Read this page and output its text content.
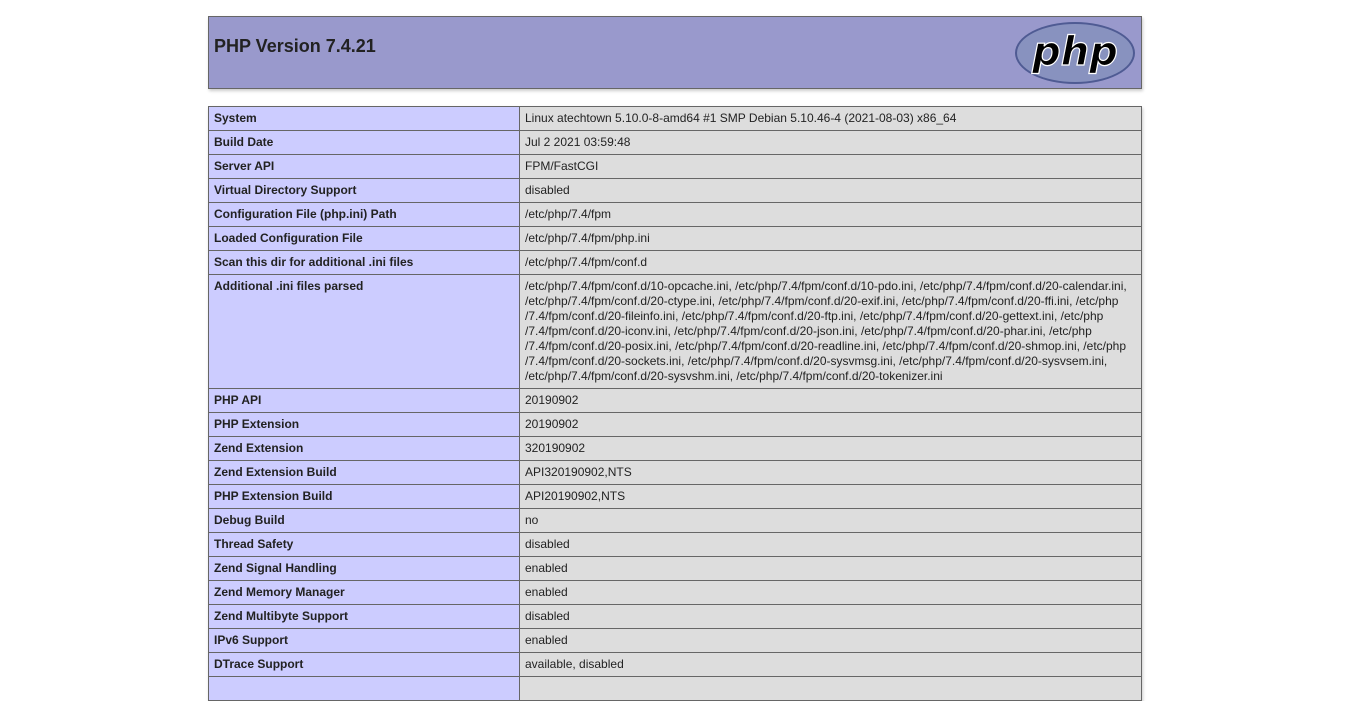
PHP Version 7.4.21	php
System	Linux atechtown 5.10.0-8-amd64 #1 SMP Debian 5.10.46-4 (2021-08-03) x86_64
Build Date	Jul 2 2021 03:59:48
Server API	FPM/FastCGI
Virtual Directory Support	disabled
Configuration File (php.ini) Path	/etc/php/7.4/fpm
Loaded Configuration File	/etc/php/7.4/fpm/php.ini
Scan this dir for additional .ini files	/etc/php/7.4/fpm/conf.d
Additional .ini files parsed	/etc/php/7.4/fpm/conf.d/10-opcache.ini, /etc/php/7.4/fpm/conf.d/10-pdo.ini, /etc/php/7.4/fpm/conf.d/20-calendar.ini, /etc/php/7.4/fpm/conf.d/20-ctype.ini, /etc/php/7.4/fpm/conf.d/20-exif.ini, /etc/php/7.4/fpm/conf.d/20-ffi.ini, /etc/php /7.4/fpm/conf.d/20-fileinfo.ini, /etc/php/7.4/fpm/conf.d/20-ftp.ini, /etc/php/7.4/fpm/conf.d/20-gettext.ini, /etc/php /7.4/fpm/conf.d/20-iconv.ini, /etc/php/7.4/fpm/conf.d/20-json.ini, /etc/php/7.4/fpm/conf.d/20-phar.ini, /etc/php /7.4/fpm/conf.d/20-posix.ini, /etc/php/7.4/fpm/conf.d/20-readline.ini, /etc/php/7.4/fpm/conf.d/20-shmop.ini, /etc/php /7.4/fpm/conf.d/20-sockets.ini, /etc/php/7.4/fpm/conf.d/20-sysvmsg.ini, /etc/php/7.4/fpm/conf.d/20-sysvsem.ini, /etc/php/7.4/fpm/conf.d/20-sysvshm.ini, /etc/php/7.4/fpm/conf.d/20-tokenizer.ini
PHP API	20190902
PHP Extension	20190902
Zend Extension	320190902
Zend Extension Build	API320190902,NTS
PHP Extension Build	API20190902,NTS
Debug Build	no
Thread Safety	disabled
Zend Signal Handling	enabled
Zend Memory Manager	enabled
Zend Multibyte Support	disabled
IPv6 Support	enabled
DTrace Support	available, disabled
